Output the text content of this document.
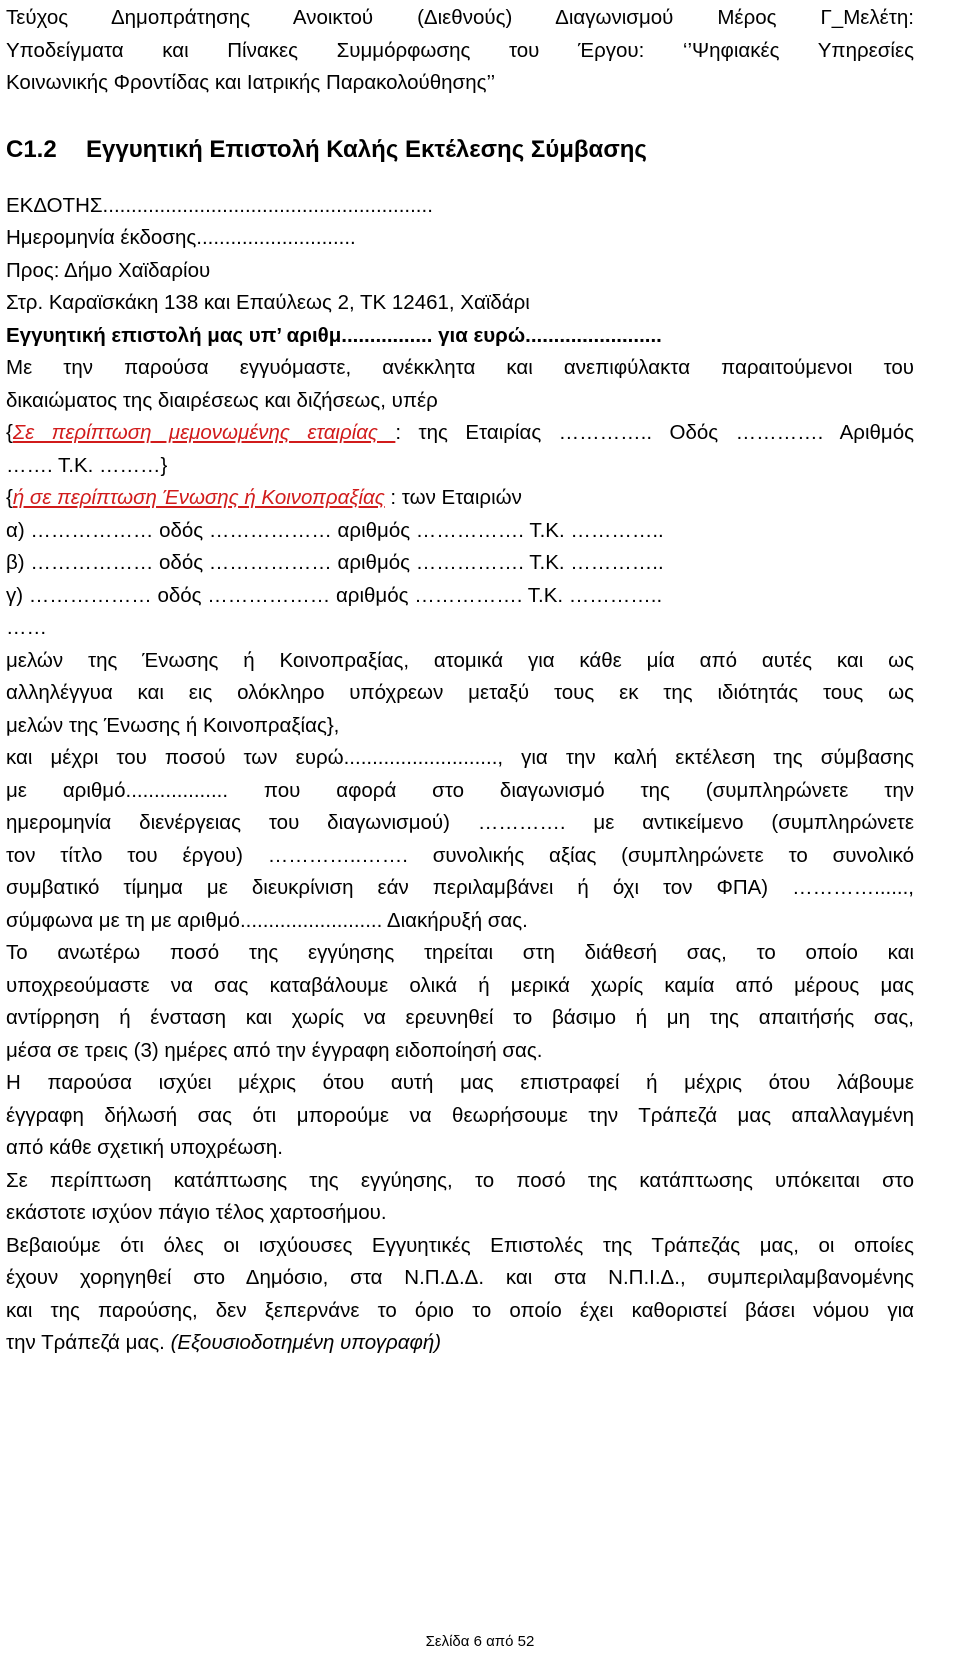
Τεύχος Δημοπράτησης Ανοικτού (Διεθνούς) Διαγωνισμού Μέρος Γ_Μελέτη:

Υποδείγματα και Πίνακες Συμμόρφωσης του Έργου: ‘’Ψηφιακές Υπηρεσίες

Κοινωνικής Φροντίδας και Ιατρικής Παρακολούθησης’’

C1.2 Εγγυητική Επιστολή Καλής Εκτέλεσης Σύμβασης

ΕΚΔΟΤΗΣ..........................................................

Ημερομηνία έκδοσης............................

Προς: Δήμο Χαϊδαρίου

Στρ. Καραϊσκάκη 138 και Επαύλεως 2, ΤΚ 12461, Χαϊδάρι

Εγγυητική επιστολή μας υπ’ αριθμ................ για ευρώ........................

Με την παρούσα εγγυόμαστε, ανέκκλητα και ανεπιφύλακτα παραιτούμενοι του

δικαιώματος της διαιρέσεως και διζήσεως, υπέρ

{Σε περίπτωση μεμονωμένης εταιρίας : της Εταιρίας ………….. Οδός …………. Αριθμός

……. Τ.Κ. ………}

{ή σε περίπτωση Ένωσης ή Κοινοπραξίας : των Εταιριών

α) ……………… οδός ……………… αριθμός ……………. Τ.Κ. …………..

β) ……………… οδός ……………… αριθμός ……………. Τ.Κ. …………..

γ) ……………… οδός ……………… αριθμός ……………. Τ.Κ. …………..

……

μελών της Ένωσης ή Κοινοπραξίας, ατομικά για κάθε μία από αυτές και ως

αλληλέγγυα και εις ολόκληρο υπόχρεων μεταξύ τους εκ της ιδιότητάς τους ως

μελών της Ένωσης ή Κοινοπραξίας},

και μέχρι του ποσού των ευρώ..........................., για την καλή εκτέλεση της σύμβασης

με αριθμό.................. που αφορά στο διαγωνισμό της (συμπληρώνετε την

ημερομηνία διενέργειας του διαγωνισμού) …………. με αντικείμενο (συμπληρώνετε

τον τίτλο του έργου) …………..……. συνολικής αξίας (συμπληρώνετε το συνολικό

συμβατικό τίμημα με διευκρίνιση εάν περιλαμβάνει ή όχι τον ΦΠΑ) …………......,

σύμφωνα με τη με αριθμό......................... Διακήρυξή σας.

Το ανωτέρω ποσό της εγγύησης τηρείται στη διάθεσή σας, το οποίο και

υποχρεούμαστε να σας καταβάλουμε ολικά ή μερικά χωρίς καμία από μέρους μας

αντίρρηση ή ένσταση και χωρίς να ερευνηθεί το βάσιμο ή μη της απαιτήσής σας,

μέσα σε τρεις (3) ημέρες από την έγγραφη ειδοποίησή σας.

Η παρούσα ισχύει μέχρις ότου αυτή μας επιστραφεί ή μέχρις ότου λάβουμε

έγγραφη δήλωσή σας ότι μπορούμε να θεωρήσουμε την Τράπεζά μας απαλλαγμένη

από κάθε σχετική υποχρέωση.

Σε περίπτωση κατάπτωσης της εγγύησης, το ποσό της κατάπτωσης υπόκειται στο

εκάστοτε ισχύον πάγιο τέλος χαρτοσήμου.

Βεβαιούμε ότι όλες οι ισχύουσες Εγγυητικές Επιστολές της Τράπεζάς μας, οι οποίες

έχουν χορηγηθεί στο Δημόσιο, στα Ν.Π.Δ.Δ. και στα Ν.Π.Ι.Δ., συμπεριλαμβανομένης

και της παρούσης, δεν ξεπερνάνε το όριο το οποίο έχει καθοριστεί βάσει νόμου για

την Τράπεζά μας. (Εξουσιοδοτημένη υπογραφή)

Σελίδα 6 από 52
